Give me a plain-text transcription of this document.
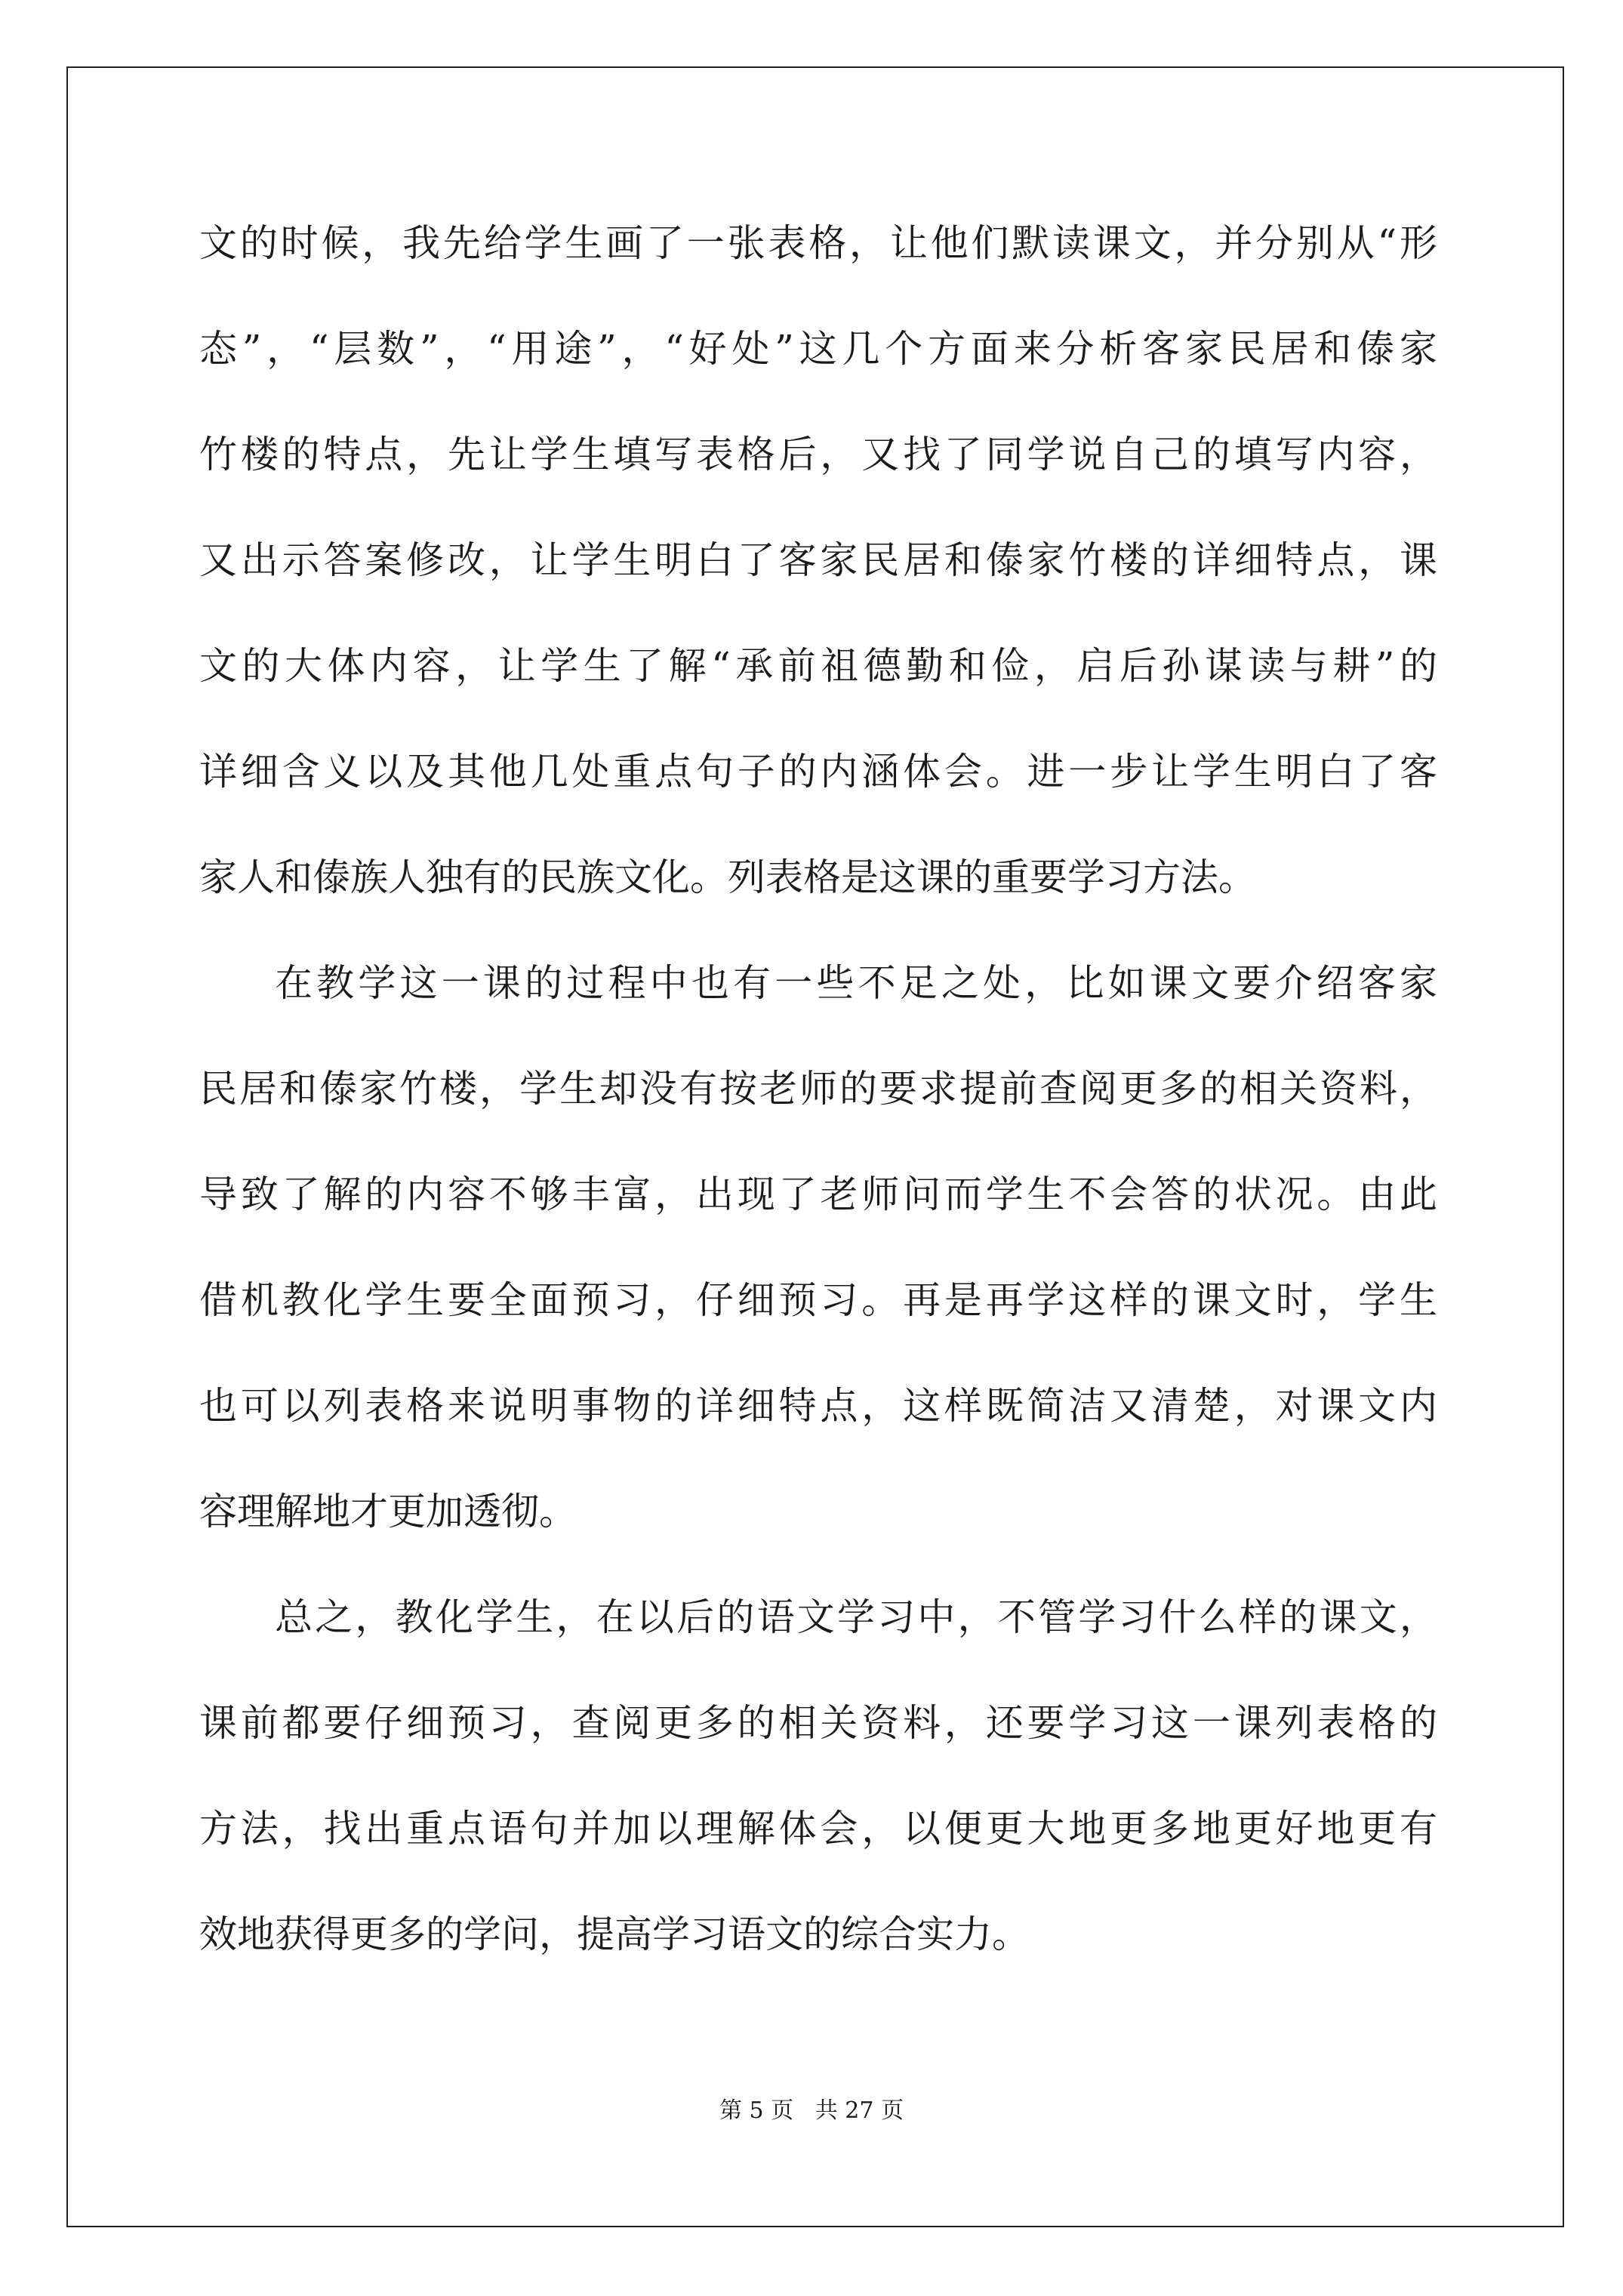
文的时候，我先给学生画了一张表格，让他们默读课文，并分别从“形
态”，“层数”，“用途”，“好处”这几个方面来分析客家民居和傣家
竹楼的特点，先让学生填写表格后，又找了同学说自己的填写内容，
又出示答案修改，让学生明白了客家民居和傣家竹楼的详细特点，课
文的大体内容，让学生了解“承前祖德勤和俭，启后孙谋读与耕”的
详细含义以及其他几处重点句子的内涵体会。进一步让学生明白了客
家人和傣族人独有的民族文化。列表格是这课的重要学习方法。
在教学这一课的过程中也有一些不足之处，比如课文要介绍客家
民居和傣家竹楼，学生却没有按老师的要求提前查阅更多的相关资料，
导致了解的内容不够丰富，出现了老师问而学生不会答的状况。由此
借机教化学生要全面预习，仔细预习。再是再学这样的课文时，学生
也可以列表格来说明事物的详细特点，这样既简洁又清楚，对课文内
容理解地才更加透彻。
总之，教化学生，在以后的语文学习中，不管学习什么样的课文，
课前都要仔细预习，查阅更多的相关资料，还要学习这一课列表格的
方法，找出重点语句并加以理解体会，以便更大地更多地更好地更有
效地获得更多的学问，提高学习语文的综合实力。
第 5 页   共 27 页
